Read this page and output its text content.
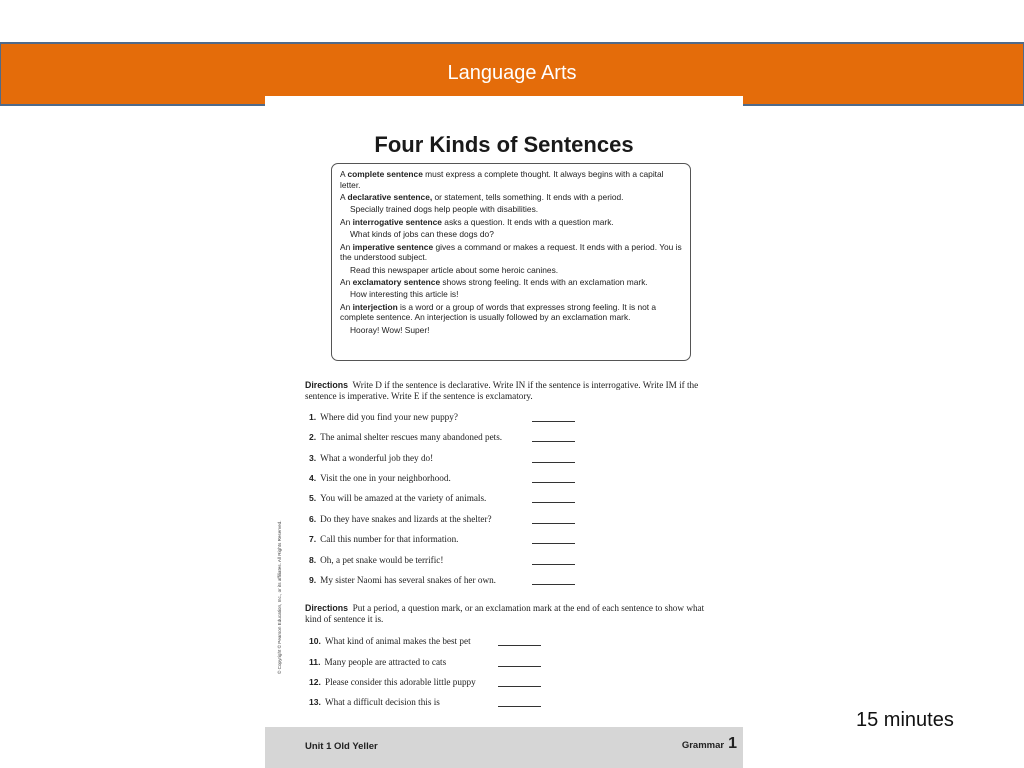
Language Arts
Four Kinds of Sentences

A complete sentence must express a complete thought. It always begins with a capital letter.

A declarative sentence, or statement, tells something. It ends with a period.

Specially trained dogs help people with disabilities.

An interrogative sentence asks a question. It ends with a question mark.

What kinds of jobs can these dogs do?

An imperative sentence gives a command or makes a request. It ends with a period. You is the understood subject.

Read this newspaper article about some heroic canines.

An exclamatory sentence shows strong feeling. It ends with an exclamation mark.

How interesting this article is!

An interjection is a word or a group of words that expresses strong feeling. It is not a complete sentence. An interjection is usually followed by an exclamation mark.

Hooray! Wow! Super!

Directions Write D if the sentence is declarative. Write IN if the sentence is interrogative. Write IM if the sentence is imperative. Write E if the sentence is exclamatory.
1. Where did you find your new puppy?
2. The animal shelter rescues many abandoned pets.
3. What a wonderful job they do!
4. Visit the one in your neighborhood.
5. You will be amazed at the variety of animals.
6. Do they have snakes and lizards at the shelter?
7. Call this number for that information.
8. Oh, a pet snake would be terrific!
9. My sister Naomi has several snakes of her own.
Directions Put a period, a question mark, or an exclamation mark at the end of each sentence to show what kind of sentence it is.
10. What kind of animal makes the best pet
11. Many people are attracted to cats
12. Please consider this adorable little puppy
13. What a difficult decision this is
© Copyright © Pearson Education, Inc., or its affiliates. All Rights Reserved.
Unit 1 Old Yeller	Grammar 1
15 minutes
